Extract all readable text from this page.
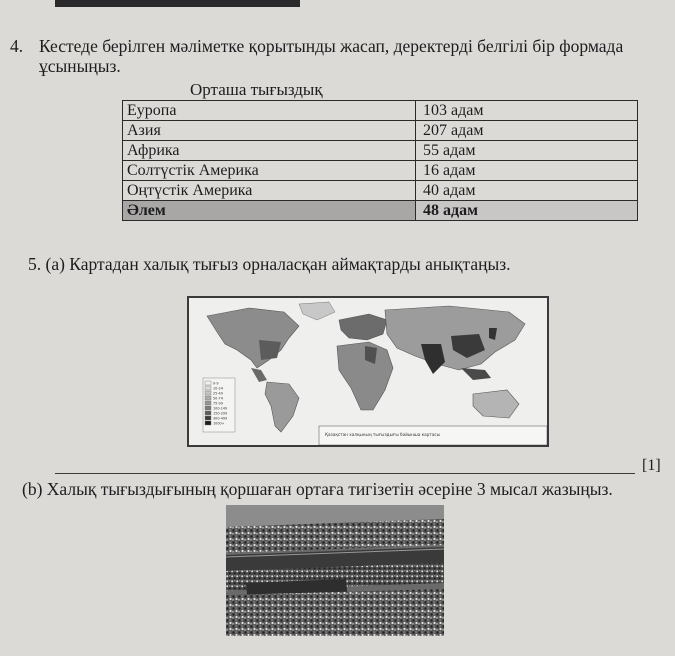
4. Кестеде берілген мәліметке қорытынды жасап, деректерді белгілі бір формада ұсыныңыз.
Орташа тығыздық
Еуропа	103 адам
Азия	207 адам
Африка	55 адам
Солтүстік Америка	16 адам
Оңтүстік Америка	40 адам
Әлем	48 адам
5. (а) Картадан халық тығыз орналасқан аймақтарды анықтаңыз.
0-9
10-24
25-49
50-74
75-99
100-149
150-299
300-499
1000+
Қазақстан халқының тығыздығы бойынша картасы
[1]
(b) Халық тығыздығының қоршаған ортаға тигізетін әсеріне 3 мысал жазыңыз.
